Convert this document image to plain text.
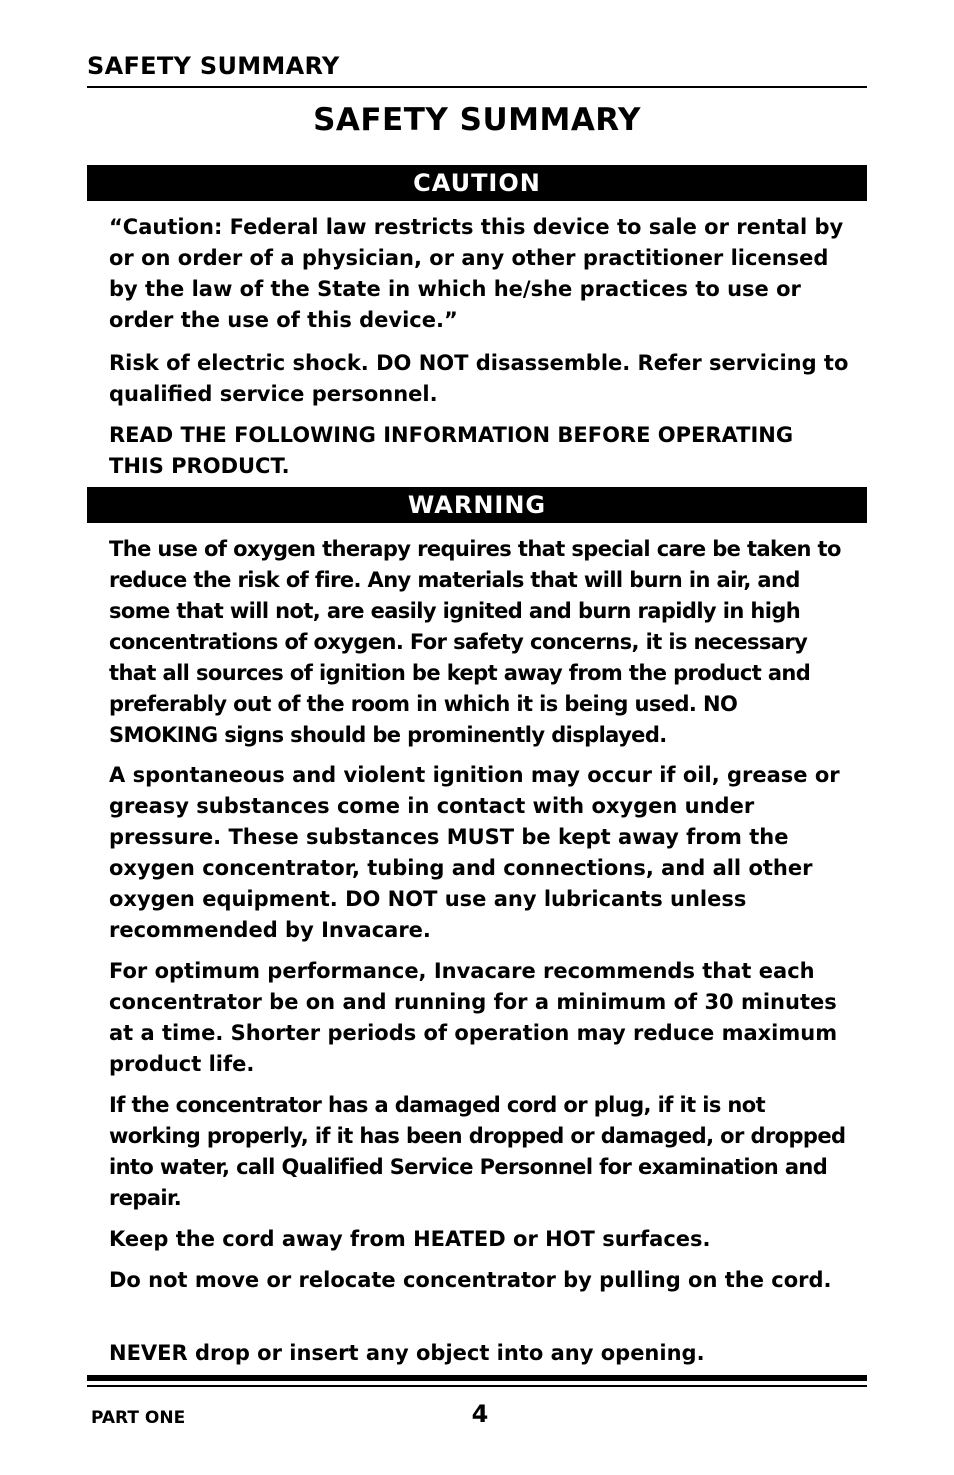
SAFETY SUMMARY
SAFETY SUMMARY
CAUTION

“Caution: Federal law restricts this device to sale or rental by or on order of a physician, or any other practitioner licensed by the law of the State in which he/she practices to use or order the use of this device.”

Risk of electric shock. DO NOT disassemble. Refer servicing to qualified service personnel.

READ THE FOLLOWING INFORMATION BEFORE OPERATING THIS PRODUCT.

WARNING

The use of oxygen therapy requires that special care be taken to reduce the risk of fire. Any materials that will burn in air, and some that will not, are easily ignited and burn rapidly in high concentrations of oxygen. For safety concerns, it is necessary that all sources of ignition be kept away from the product and preferably out of the room in which it is being used. NO SMOKING signs should be prominently displayed.

A spontaneous and violent ignition may occur if oil, grease or greasy substances come in contact with oxygen under pressure. These substances MUST be kept away from the oxygen concentrator, tubing and connections, and all other oxygen equipment. DO NOT use any lubricants unless recommended by Invacare.

For optimum performance, Invacare recommends that each concentrator be on and running for a minimum of 30 minutes at a time. Shorter periods of operation may reduce maximum product life.

If the concentrator has a damaged cord or plug, if it is not working properly, if it has been dropped or damaged, or dropped into water, call Qualified Service Personnel for examination and repair.

Keep the cord away from HEATED or HOT surfaces.

Do not move or relocate concentrator by pulling on the cord.

NEVER drop or insert any object into any opening.

PART ONE	4
